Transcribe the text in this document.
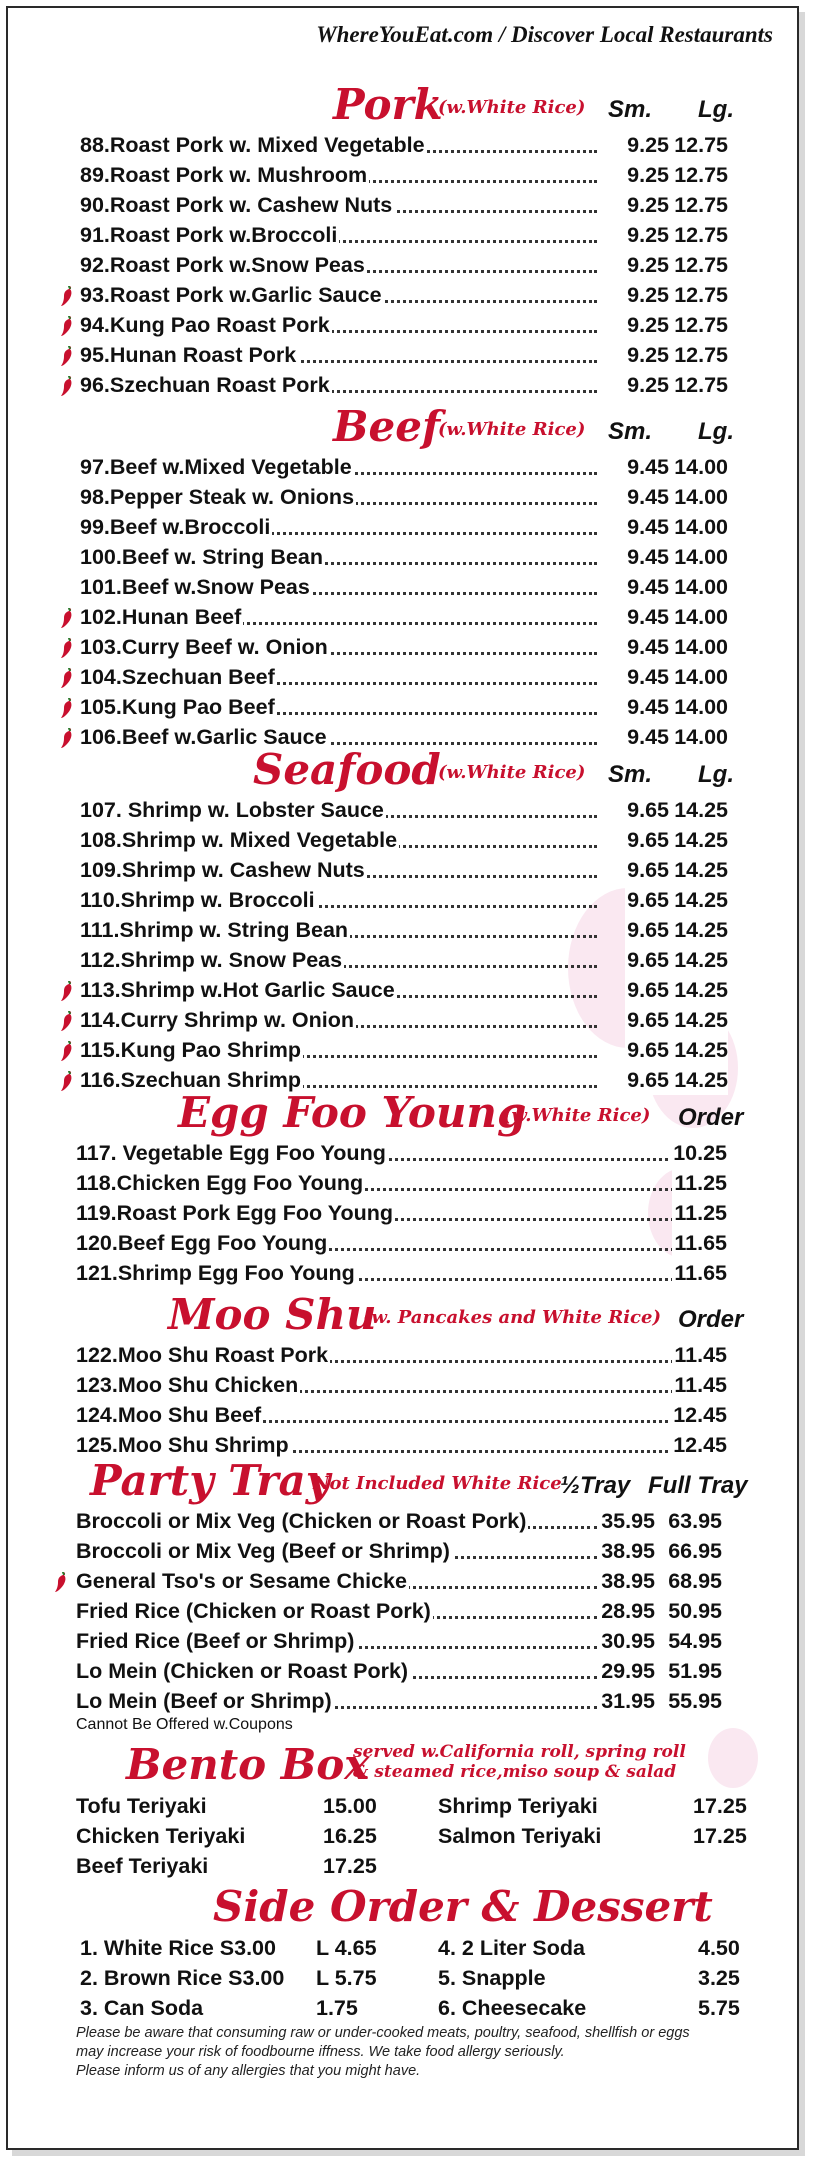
WhereYouEat.com / Discover Local Restaurants
Pork
(w.White Rice) Sm. Lg.
88.Roast Pork w. Mixed Vegetable	9.25 12.75
89.Roast Pork w. Mushroom	9.25 12.75
90.Roast Pork w. Cashew Nuts	9.25 12.75
91.Roast Pork w.Broccoli	9.25 12.75
92.Roast Pork w.Snow Peas	9.25 12.75
93.Roast Pork w.Garlic Sauce	9.25 12.75
94.Kung Pao Roast Pork	9.25 12.75
95.Hunan Roast Pork	9.25 12.75
96.Szechuan Roast Pork	9.25 12.75
Beef
(w.White Rice) Sm. Lg.
97.Beef w.Mixed Vegetable	9.45 14.00
98.Pepper Steak w. Onions	9.45 14.00
99.Beef w.Broccoli	9.45 14.00
100.Beef w. String Bean	9.45 14.00
101.Beef w.Snow Peas	9.45 14.00
102.Hunan Beef	9.45 14.00
103.Curry Beef w. Onion	9.45 14.00
104.Szechuan Beef	9.45 14.00
105.Kung Pao Beef	9.45 14.00
106.Beef w.Garlic Sauce	9.45 14.00
Seafood
(w.White Rice) Sm. Lg.
107. Shrimp w. Lobster Sauce	9.65 14.25
108.Shrimp w. Mixed Vegetable	9.65 14.25
109.Shrimp w. Cashew Nuts	9.65 14.25
110.Shrimp w. Broccoli	9.65 14.25
111.Shrimp w. String Bean	9.65 14.25
112.Shrimp w. Snow Peas	9.65 14.25
113.Shrimp w.Hot Garlic Sauce	9.65 14.25
114.Curry Shrimp w. Onion	9.65 14.25
115.Kung Pao Shrimp	9.65 14.25
116.Szechuan Shrimp	9.65 14.25
Egg Foo Young
(w.White Rice) Order
117. Vegetable Egg Foo Young	10.25
118.Chicken Egg Foo Young	11.25
119.Roast Pork Egg Foo Young	11.25
120.Beef Egg Foo Young	11.65
121.Shrimp Egg Foo Young	11.65
Moo Shu
(w. Pancakes and White Rice) Order
122.Moo Shu Roast Pork	11.45
123.Moo Shu Chicken	11.45
124.Moo Shu Beef	12.45
125.Moo Shu Shrimp	12.45
Party Tray
Not Included White Rice
½Tray Full Tray
Broccoli or Mix Veg (Chicken or Roast Pork)	35.95 63.95
Broccoli or Mix Veg (Beef or Shrimp)	38.95 66.95
General Tso's or Sesame Chicke	38.95 68.95
Fried Rice (Chicken or Roast Pork)	28.95 50.95
Fried Rice (Beef or Shrimp)	30.95 54.95
Lo Mein (Chicken or Roast Pork)	29.95 51.95
Lo Mein (Beef or Shrimp)	31.95 55.95
Cannot Be Offered w.Coupons
Bento Box
served w.California roll, spring roll
& steamed rice,miso soup & salad
Tofu Teriyaki	15.00
Chicken Teriyaki	16.25
Beef Teriyaki	17.25
Shrimp Teriyaki	17.25
Salmon Teriyaki	17.25
Side Order & Dessert
1. White Rice S3.00 L 4.65
2. Brown Rice S3.00 L 5.75
3. Can Soda	1.75
4. 2 Liter Soda	4.50
5. Snapple	3.25
6. Cheesecake	5.75
Please be aware that consuming raw or under-cooked meats, poultry, seafood, shellfish or eggs
may increase your risk of foodbourne iffness. We take food allergy seriously.
Please inform us of any allergies that you might have.
